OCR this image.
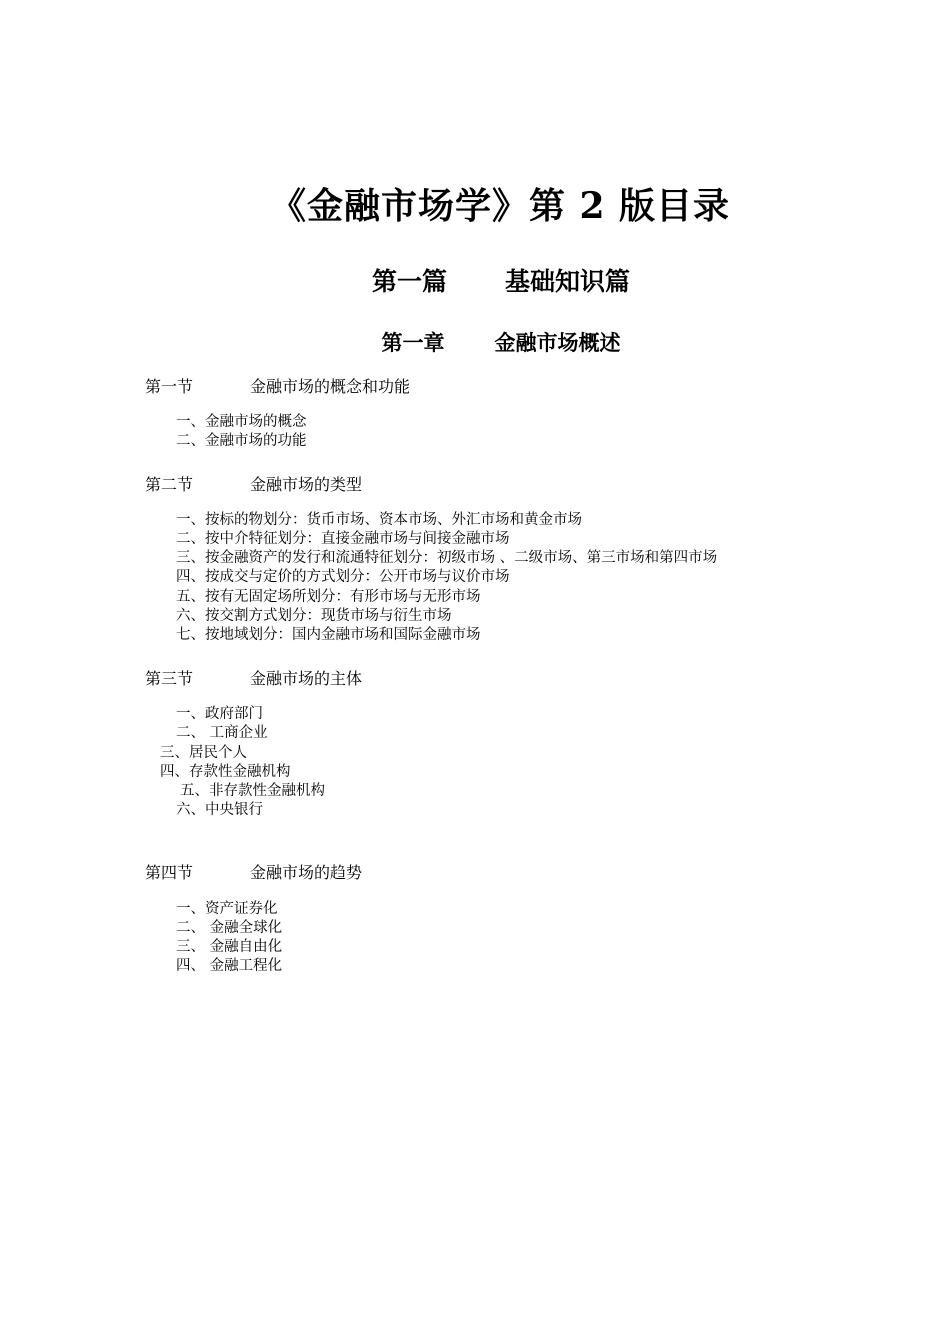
《金融市场学》第 2 版目录
第一篇 基础知识篇
第一章 金融市场概述
第一节	金融市场的概念和功能
一、金融市场的概念
二、金融市场的功能
第二节	金融市场的类型
一、按标的物划分：货币市场、资本市场、外汇市场和黄金市场
二、按中介特征划分：直接金融市场与间接金融市场
三、按金融资产的发行和流通特征划分：初级市场 、二级市场、第三市场和第四市场
四、按成交与定价的方式划分：公开市场与议价市场
五、按有无固定场所划分：有形市场与无形市场
六、按交割方式划分：现货市场与衍生市场
七、按地域划分：国内金融市场和国际金融市场
第三节	金融市场的主体
一、政府部门
二、 工商企业
三、居民个人
四、存款性金融机构
五、非存款性金融机构
六、中央银行
第四节	金融市场的趋势
一、资产证券化
二、 金融全球化
三、 金融自由化
四、 金融工程化
